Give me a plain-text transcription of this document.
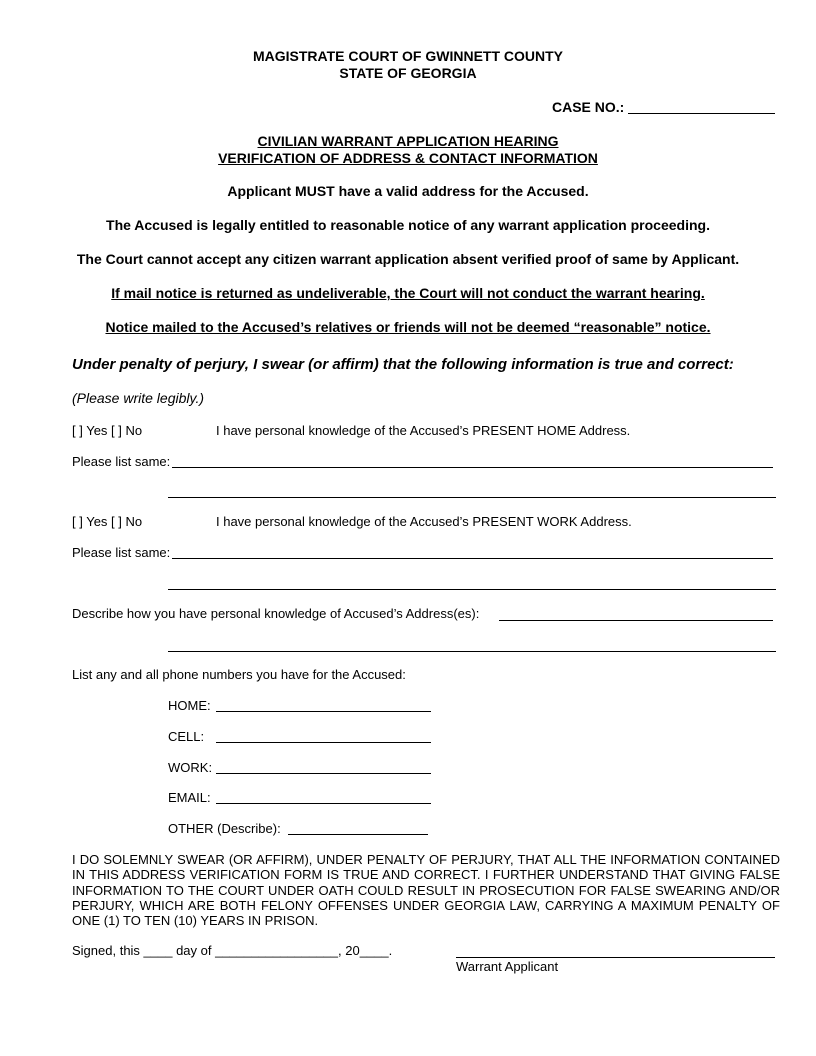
MAGISTRATE COURT OF GWINNETT COUNTY
STATE OF GEORGIA
CASE NO.:
CIVILIAN WARRANT APPLICATION HEARING
VERIFICATION OF ADDRESS & CONTACT INFORMATION
Applicant MUST have a valid address for the Accused.
The Accused is legally entitled to reasonable notice of any warrant application proceeding.
The Court cannot accept any citizen warrant application absent verified proof of same by Applicant.
If mail notice is returned as undeliverable, the Court will not conduct the warrant hearing.
Notice mailed to the Accused’s relatives or friends will not be deemed “reasonable” notice.
Under penalty of perjury, I swear (or affirm) that the following information is true and correct:
(Please write legibly.)
[ ] Yes [ ] No	I have personal knowledge of the Accused’s PRESENT HOME Address.
Please list same:
[ ] Yes [ ] No	I have personal knowledge of the Accused’s PRESENT WORK Address.
Please list same:
Describe how you have personal knowledge of Accused’s Address(es):
List any and all phone numbers you have for the Accused:
HOME:
CELL:
WORK:
EMAIL:
OTHER (Describe):
I DO SOLEMNLY SWEAR (OR AFFIRM), UNDER PENALTY OF PERJURY, THAT ALL THE INFORMATION CONTAINED IN THIS ADDRESS VERIFICATION FORM IS TRUE AND CORRECT. I FURTHER UNDERSTAND THAT GIVING FALSE INFORMATION TO THE COURT UNDER OATH COULD RESULT IN PROSECUTION FOR FALSE SWEARING AND/OR PERJURY, WHICH ARE BOTH FELONY OFFENSES UNDER GEORGIA LAW, CARRYING A MAXIMUM PENALTY OF ONE (1) TO TEN (10) YEARS IN PRISON.
Signed, this ____ day of _________________, 20____.
Warrant Applicant
